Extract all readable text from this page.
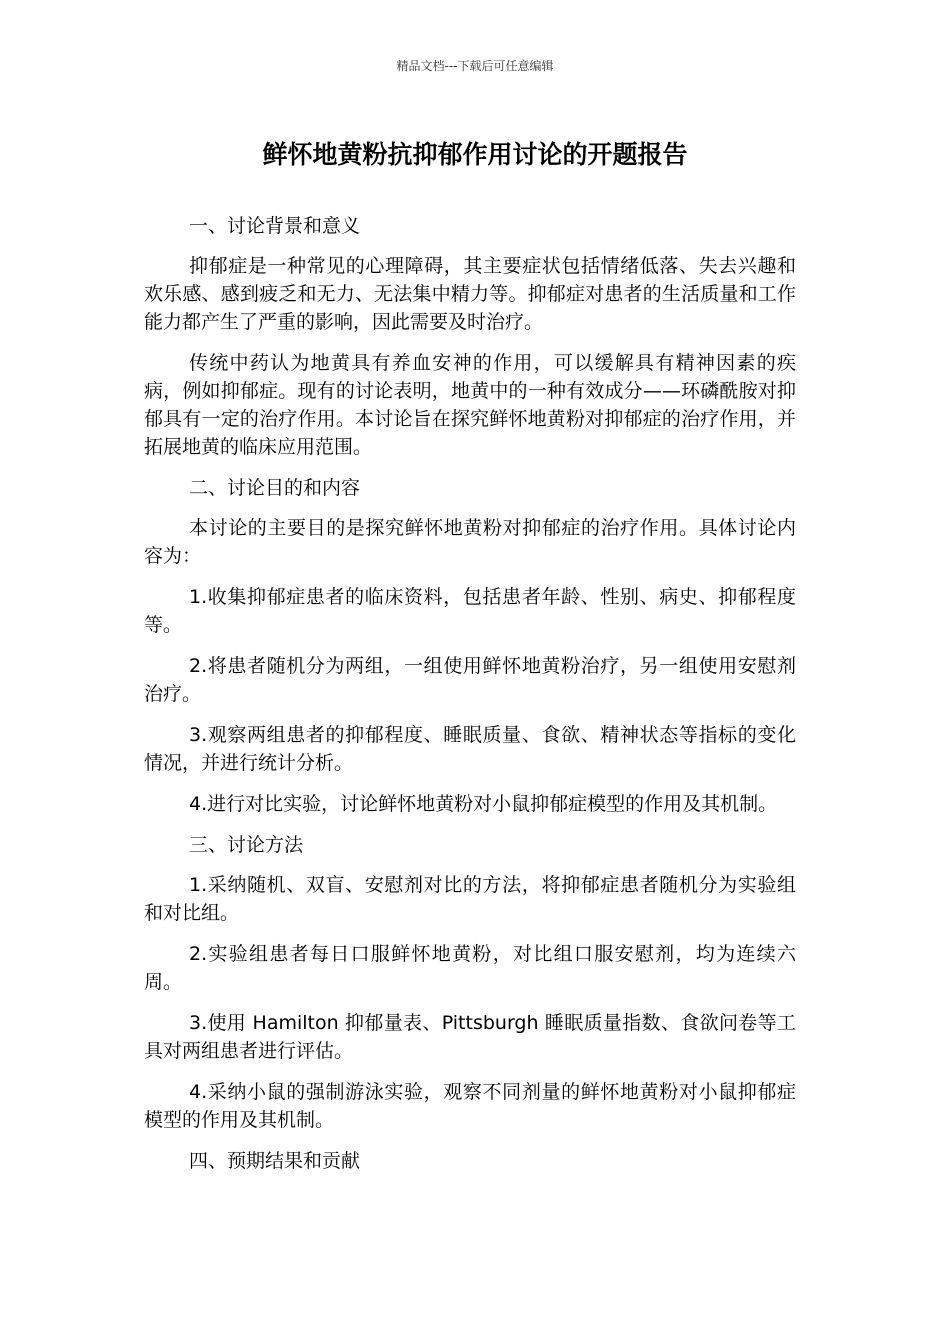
精品文档---下载后可任意编辑
鲜怀地黄粉抗抑郁作用讨论的开题报告

一、讨论背景和意义

抑郁症是一种常见的心理障碍，其主要症状包括情绪低落、失去兴趣和欢乐感、感到疲乏和无力、无法集中精力等。抑郁症对患者的生活质量和工作能力都产生了严重的影响，因此需要及时治疗。

传统中药认为地黄具有养血安神的作用，可以缓解具有精神因素的疾病，例如抑郁症。现有的讨论表明，地黄中的一种有效成分——环磷酰胺对抑郁具有一定的治疗作用。本讨论旨在探究鲜怀地黄粉对抑郁症的治疗作用，并拓展地黄的临床应用范围。

二、讨论目的和内容

本讨论的主要目的是探究鲜怀地黄粉对抑郁症的治疗作用。具体讨论内容为：

1.收集抑郁症患者的临床资料，包括患者年龄、性别、病史、抑郁程度等。

2.将患者随机分为两组，一组使用鲜怀地黄粉治疗，另一组使用安慰剂治疗。

3.观察两组患者的抑郁程度、睡眠质量、食欲、精神状态等指标的变化情况，并进行统计分析。

4.进行对比实验，讨论鲜怀地黄粉对小鼠抑郁症模型的作用及其机制。

三、讨论方法

1.采纳随机、双盲、安慰剂对比的方法，将抑郁症患者随机分为实验组和对比组。

2.实验组患者每日口服鲜怀地黄粉，对比组口服安慰剂，均为连续六周。

3.使用 Hamilton 抑郁量表、Pittsburgh 睡眠质量指数、食欲问卷等工具对两组患者进行评估。

4.采纳小鼠的强制游泳实验，观察不同剂量的鲜怀地黄粉对小鼠抑郁症模型的作用及其机制。

四、预期结果和贡献
